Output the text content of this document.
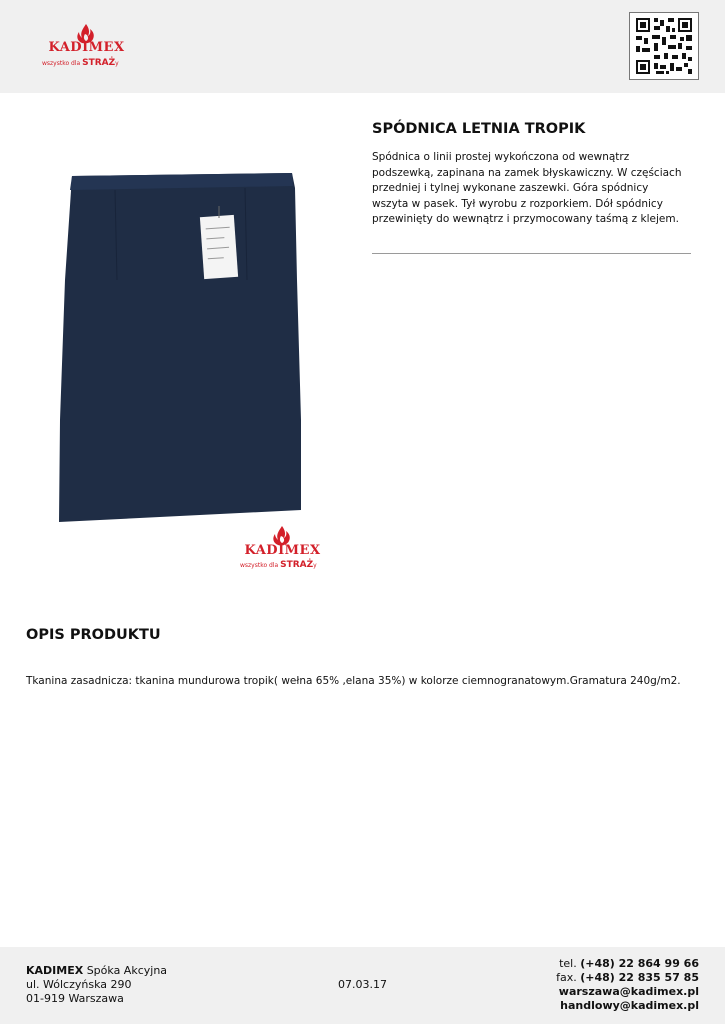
KADIMEX
wszystko dla STRAŻy
KADIMEX
wszystko dla STRAŻy
SPÓDNICA LETNIA TROPIK

Spódnica o linii prostej wykończona od wewnątrz podszewką, zapinana na zamek błyskawiczny. W częściach przedniej i tylnej wykonane zaszewki. Góra spódnicy wszyta w pasek. Tył wyrobu z rozporkiem. Dół spódnicy przewinięty do wewnątrz i przymocowany taśmą z klejem.

OPIS PRODUKTU

Tkanina zasadnicza: tkanina mundurowa tropik( wełna 65% ,elana 35%) w kolorze ciemnogranatowym.Gramatura 240g/m2.

KADIMEX Spóka Akcyjna
ul. Wólczyńska 290
01-919 Warszawa
07.03.17
tel. (+48) 22 864 99 66
fax. (+48) 22 835 57 85
warszawa@kadimex.pl
handlowy@kadimex.pl
